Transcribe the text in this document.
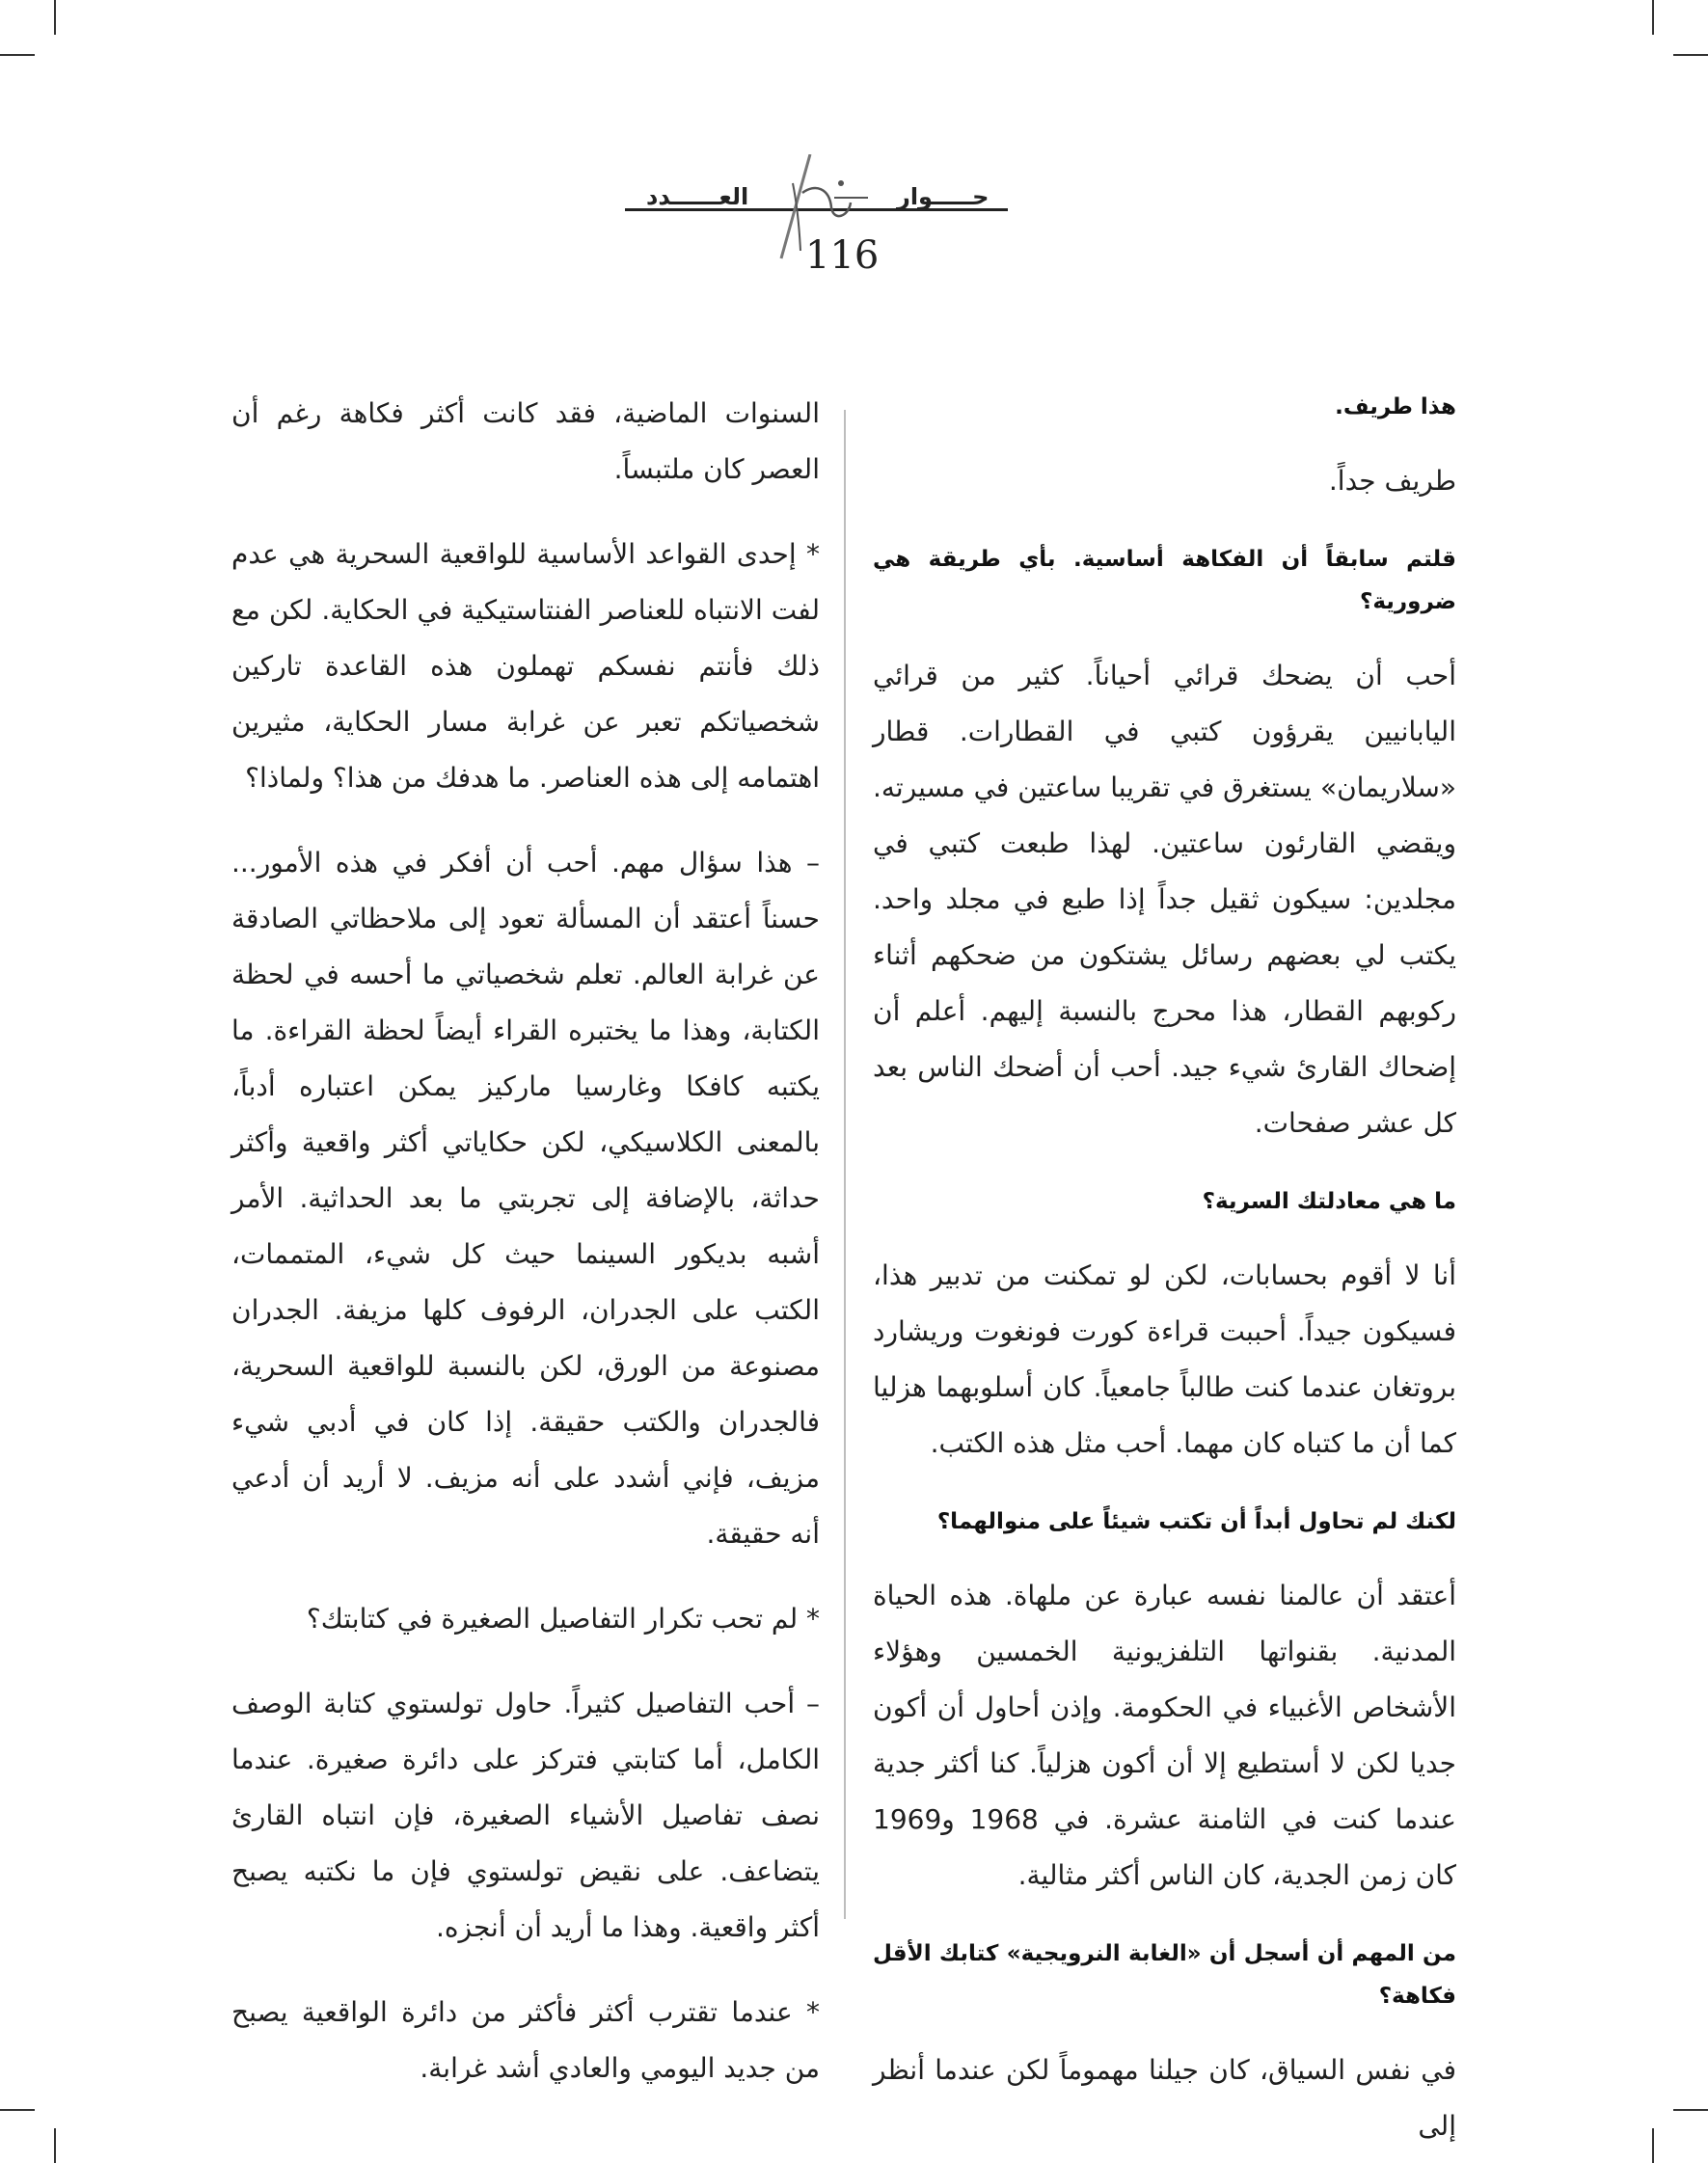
العــــــدد	حـــــوار
116

هذا طريف.

طريف جداً.

قلتم سابقاً أن الفكاهة أساسية. بأي طريقة هي ضرورية؟

أحب أن يضحك قرائي أحياناً. كثير من قرائي اليابانيين يقرؤون كتبي في القطارات. قطار «سلاريمان» يستغرق في تقريبا ساعتين في مسيرته. ويقضي القارئون ساعتين. لهذا طبعت كتبي في مجلدين: سيكون ثقيل جداً إذا طبع في مجلد واحد. يكتب لي بعضهم رسائل يشتكون من ضحكهم أثناء ركوبهم القطار، هذا محرج بالنسبة إليهم. أعلم أن إضحاك القارئ شيء جيد. أحب أن أضحك الناس بعد كل عشر صفحات.

ما هي معادلتك السرية؟

أنا لا أقوم بحسابات، لكن لو تمكنت من تدبير هذا، فسيكون جيداً. أحببت قراءة كورت فونغوت وريشارد بروتغان عندما كنت طالباً جامعياً. كان أسلوبهما هزليا كما أن ما كتباه كان مهما. أحب مثل هذه الكتب.

لكنك لم تحاول أبداً أن تكتب شيئاً على منوالهما؟

أعتقد أن عالمنا نفسه عبارة عن ملهاة. هذه الحياة المدنية. بقنواتها التلفزيونية الخمسين وهؤلاء الأشخاص الأغبياء في الحكومة. وإذن أحاول أن أكون جديا لكن لا أستطيع إلا أن أكون هزلياً. كنا أكثر جدية عندما كنت في الثامنة عشرة. في 1968 و1969 كان زمن الجدية، كان الناس أكثر مثالية.

من المهم أن أسجل أن «الغابة النرويجية» كتابك الأقل فكاهة؟

في نفس السياق، كان جيلنا مهموماً لكن عندما أنظر إلى

السنوات الماضية، فقد كانت أكثر فكاهة رغم أن العصر كان ملتبساً.

* إحدى القواعد الأساسية للواقعية السحرية هي عدم لفت الانتباه للعناصر الفنتاستيكية في الحكاية. لكن مع ذلك فأنتم نفسكم تهملون هذه القاعدة تاركين شخصياتكم تعبر عن غرابة مسار الحكاية، مثيرين اهتمامه إلى هذه العناصر. ما هدفك من هذا؟ ولماذا؟

– هذا سؤال مهم. أحب أن أفكر في هذه الأمور... حسناً أعتقد أن المسألة تعود إلى ملاحظاتي الصادقة عن غرابة العالم. تعلم شخصياتي ما أحسه في لحظة الكتابة، وهذا ما يختبره القراء أيضاً لحظة القراءة. ما يكتبه كافكا وغارسيا ماركيز يمكن اعتباره أدباً، بالمعنى الكلاسيكي، لكن حكاياتي أكثر واقعية وأكثر حداثة، بالإضافة إلى تجربتي ما بعد الحداثية. الأمر أشبه بديكور السينما حيث كل شيء، المتممات، الكتب على الجدران، الرفوف كلها مزيفة. الجدران مصنوعة من الورق، لكن بالنسبة للواقعية السحرية، فالجدران والكتب حقيقة. إذا كان في أدبي شيء مزيف، فإني أشدد على أنه مزيف. لا أريد أن أدعي أنه حقيقة.

* لم تحب تكرار التفاصيل الصغيرة في كتابتك؟

– أحب التفاصيل كثيراً. حاول تولستوي كتابة الوصف الكامل، أما كتابتي فتركز على دائرة صغيرة. عندما نصف تفاصيل الأشياء الصغيرة، فإن انتباه القارئ يتضاعف. على نقيض تولستوي فإن ما نكتبه يصبح أكثر واقعية. وهذا ما أريد أن أنجزه.

* عندما تقترب أكثر فأكثر من دائرة الواقعية يصبح من جديد اليومي والعادي أشد غرابة.
